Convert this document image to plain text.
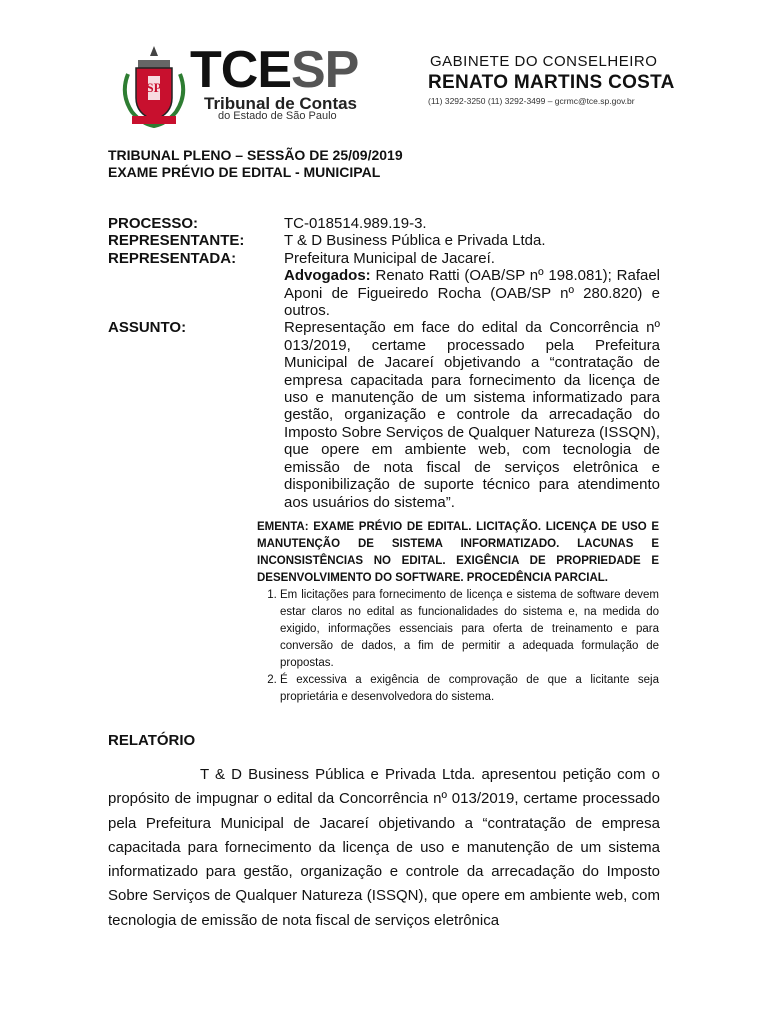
SP TCESP
Tribunal de Contas
do Estado de São Paulo
GABINETE DO CONSELHEIRO
RENATO MARTINS COSTA
(11) 3292-3250 (11) 3292-3499 – gcrmc@tce.sp.gov.br
TRIBUNAL PLENO – SESSÃO DE 25/09/2019
EXAME PRÉVIO DE EDITAL - MUNICIPAL
PROCESSO:	TC-018514.989.19-3.
REPRESENTANTE:	T & D Business Pública e Privada Ltda.
REPRESENTADA:	Prefeitura Municipal de Jacareí.
Advogados: Renato Ratti (OAB/SP nº 198.081); Rafael Aponi de Figueiredo Rocha (OAB/SP nº 280.820) e outros.
ASSUNTO:	Representação em face do edital da Concorrência nº 013/2019, certame processado pela Prefeitura Municipal de Jacareí objetivando a “contratação de empresa capacitada para fornecimento da licença de uso e manutenção de um sistema informatizado para gestão, organização e controle da arrecadação do Imposto Sobre Serviços de Qualquer Natureza (ISSQN), que opere em ambiente web, com tecnologia de emissão de nota fiscal de serviços eletrônica e disponibilização de suporte técnico para atendimento aos usuários do sistema”.
EMENTA: EXAME PRÉVIO DE EDITAL. LICITAÇÃO. LICENÇA DE USO E MANUTENÇÃO DE SISTEMA INFORMATIZADO. LACUNAS E INCONSISTÊNCIAS NO EDITAL. EXIGÊNCIA DE PROPRIEDADE E DESENVOLVIMENTO DO SOFTWARE. PROCEDÊNCIA PARCIAL.
1. Em licitações para fornecimento de licença e sistema de software devem estar claros no edital as funcionalidades do sistema e, na medida do exigido, informações essenciais para oferta de treinamento e para conversão de dados, a fim de permitir a adequada formulação de propostas.
2. É excessiva a exigência de comprovação de que a licitante seja proprietária e desenvolvedora do sistema.
RELATÓRIO

T & D Business Pública e Privada Ltda. apresentou petição com o propósito de impugnar o edital da Concorrência nº 013/2019, certame processado pela Prefeitura Municipal de Jacareí objetivando a “contratação de empresa capacitada para fornecimento da licença de uso e manutenção de um sistema informatizado para gestão, organização e controle da arrecadação do Imposto Sobre Serviços de Qualquer Natureza (ISSQN), que opere em ambiente web, com tecnologia de emissão de nota fiscal de serviços eletrônica
